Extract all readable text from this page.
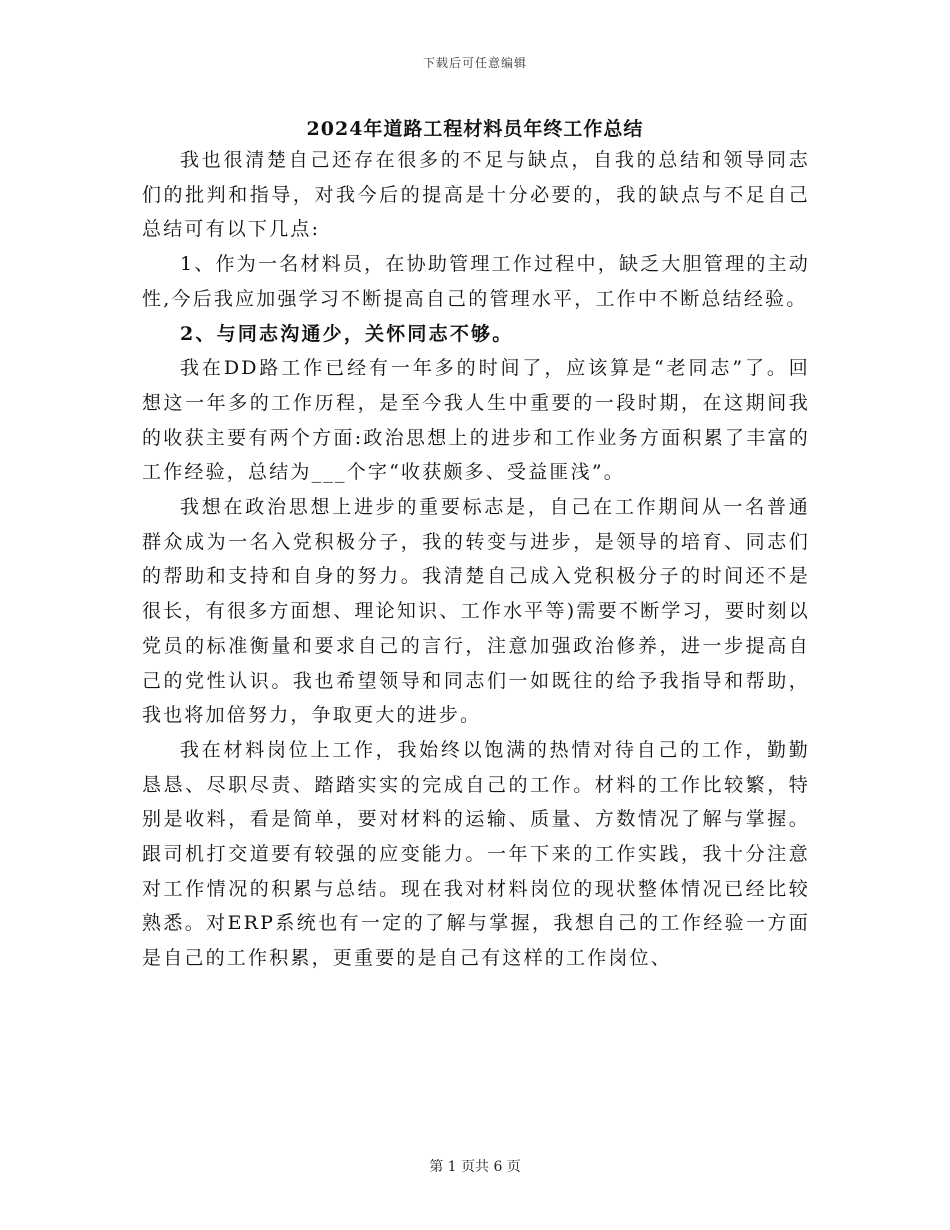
下载后可任意编辑
2024年道路工程材料员年终工作总结

我也很清楚自己还存在很多的不足与缺点，自我的总结和领导同志们的批判和指导，对我今后的提高是十分必要的，我的缺点与不足自己总结可有以下几点:

1、作为一名材料员，在协助管理工作过程中，缺乏大胆管理的主动性,今后我应加强学习不断提高自己的管理水平，工作中不断总结经验。

2、与同志沟通少，关怀同志不够。

我在DD路工作已经有一年多的时间了，应该算是“老同志”了。回想这一年多的工作历程，是至今我人生中重要的一段时期，在这期间我的收获主要有两个方面:政治思想上的进步和工作业务方面积累了丰富的工作经验，总结为___个字“收获颇多、受益匪浅”。

我想在政治思想上进步的重要标志是，自己在工作期间从一名普通群众成为一名入党积极分子，我的转变与进步，是领导的培育、同志们的帮助和支持和自身的努力。我清楚自己成入党积极分子的时间还不是很长，有很多方面想、理论知识、工作水平等)需要不断学习，要时刻以党员的标准衡量和要求自己的言行，注意加强政治修养，进一步提高自己的党性认识。我也希望领导和同志们一如既往的给予我指导和帮助，我也将加倍努力，争取更大的进步。

我在材料岗位上工作，我始终以饱满的热情对待自己的工作，勤勤恳恳、尽职尽责、踏踏实实的完成自己的工作。材料的工作比较繁，特别是收料，看是简单，要对材料的运输、质量、方数情况了解与掌握。跟司机打交道要有较强的应变能力。一年下来的工作实践，我十分注意对工作情况的积累与总结。现在我对材料岗位的现状整体情况已经比较熟悉。对ERP系统也有一定的了解与掌握，我想自己的工作经验一方面是自己的工作积累，更重要的是自己有这样的工作岗位、

第 1 页共 6 页
